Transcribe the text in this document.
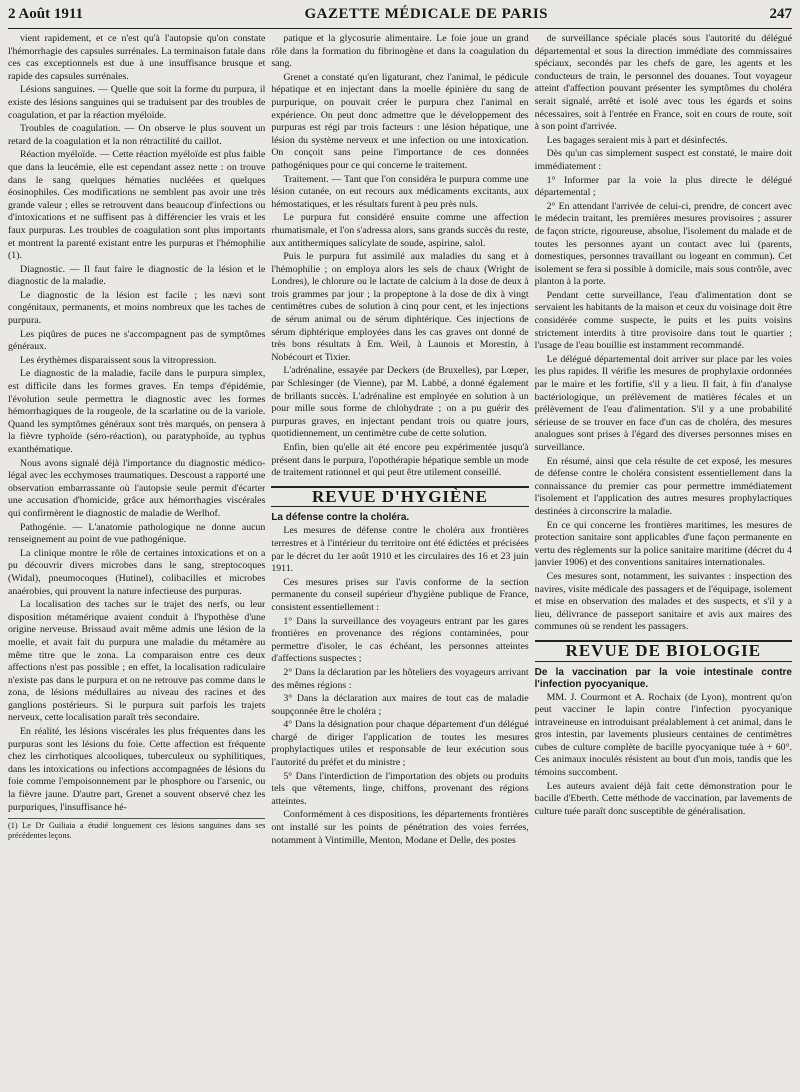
2 Août 1911	GAZETTE MÉDICALE DE PARIS	247

vient rapidement, et ce n'est qu'à l'autopsie qu'on constate l'hémorrhagie des capsules surrénales. La terminaison fatale dans ces cas exceptionnels est due à une insuffisance brusque et rapide des capsules surrénales.

Lésions sanguines. — Quelle que soit la forme du purpura, il existe des lésions sanguines qui se traduisent par des troubles de coagulation, et par la réaction myéloïde.

Troubles de coagulation. — On observe le plus souvent un retard de la coagulation et la non rétractilité du caillot.

Réaction myéloïde. — Cette réaction myéloïde est plus faible que dans la leucémie, elle est cependant assez nette : on trouve dans le sang quelques hématies nucléées et quelques éosinophiles. Ces modifications ne semblent pas avoir une très grande valeur ; elles se retrouvent dans beaucoup d'infections ou d'intoxications et ne suffisent pas à différencier les vrais et les faux purpuras. Les troubles de coagulation sont plus importants et montrent la parenté existant entre les purpuras et l'hémophilie (1).

Diagnostic. — Il faut faire le diagnostic de la lésion et le diagnostic de la maladie.

Le diagnostic de la lésion est facile ; les nævi sont congénitaux, permanents, et moins nombreux que les taches de purpura.

Les piqûres de puces ne s'accompagnent pas de symptômes généraux.

Les érythèmes disparaissent sous la vitropression.

Le diagnostic de la maladie, facile dans le purpura simplex, est difficile dans les formes graves. En temps d'épidémie, l'évolution seule permettra le diagnostic avec les formes hémorrhagiques de la rougeole, de la scarlatine ou de la variole. Quand les symptômes généraux sont très marqués, on pensera à la fièvre typhoïde (séro-réaction), ou paratyphoïde, au typhus exanthématique.

Nous avons signalé déjà l'importance du diagnostic médico-légal avec les ecchymoses traumatiques. Descoust a rapporté une observation embarrassante où l'autopsie seule permit d'écarter une accusation d'homicide, grâce aux hémorrhagies viscérales qui confirmèrent le diagnostic de maladie de Werlhof.

Pathogénie. — L'anatomie pathologique ne donne aucun renseignement au point de vue pathogénique.

La clinique montre le rôle de certaines intoxications et on a pu découvrir divers microbes dans le sang, streptocoques (Widal), pneumocoques (Hutinel), colibacilles et microbes anaérobies, qui prouvent la nature infectieuse des purpuras.

La localisation des taches sur le trajet des nerfs, ou leur disposition métamérique avaient conduit à l'hypothèse d'une origine nerveuse. Brissaud avait même admis une lésion de la moelle, et avait fait du purpura une maladie du métamère au même titre que le zona. La comparaison entre ces deux affections n'est pas possible ; en effet, la localisation radiculaire n'existe pas dans le purpura et on ne retrouve pas comme dans le zona, de lésions médullaires au niveau des racines et des ganglions postérieurs. Si le purpura suit parfois les trajets nerveux, cette localisation paraît très secondaire.

En réalité, les lésions viscérales les plus fréquentes dans les purpuras sont les lésions du foie. Cette affection est fréquente chez les cirrhotiques alcooliques, tuberculeux ou syphilitiques, dans les intoxications ou infections accompagnées de lésions du foie comme l'empoisonnement par le phosphore ou l'arsenic, ou la fièvre jaune. D'autre part, Grenet a souvent observé chez les purpuriques, l'insuffisance hé-

(1) Le Dr Guiliaia a étudié longuement ces lésions sanguines dans ses précédentes leçons.

patique et la glycosurie alimentaire. Le foie joue un grand rôle dans la formation du fibrinogène et dans la coagulation du sang.

Grenet a constaté qu'en ligaturant, chez l'animal, le pédicule hépatique et en injectant dans la moelle épinière du sang de purpurique, on pouvait créer le purpura chez l'animal en expérience. On peut donc admettre que le développement des purpuras est régi par trois facteurs : une lésion hépatique, une lésion du système nerveux et une infection ou une intoxication. On conçoit sans peine l'importance de ces données pathogéniques pour ce qui concerne le traitement.

Traitement. — Tant que l'on considéra le purpura comme une lésion cutanée, on eut recours aux médicaments excitants, aux hémostatiques, et les résultats furent à peu près nuls.

Le purpura fut considéré ensuite comme une affection rhumatismale, et l'on s'adressa alors, sans grands succès du reste, aux antithermiques salicylate de soude, aspirine, salol.

Puis le purpura fut assimilé aux maladies du sang et à l'hémophilie ; on employa alors les sels de chaux (Wright de Londres), le chlorure ou le lactate de calcium à la dose de deux à trois grammes par jour ; la propeptone à la dose de dix à vingt centimètres cubes de solution à cinq pour cent, et les injections de sérum animal ou de sérum diphtérique. Ces injections de sérum diphtérique employées dans les cas graves ont donné de très bons résultats à Em. Weil, à Launois et Morestin, à Nobécourt et Tixier.

L'adrénaline, essayée par Deckers (de Bruxelles), par Lœper, par Schlesinger (de Vienne), par M. Labbé, a donné également de brillants succès. L'adrénaline est employée en solution à un pour mille sous forme de chlohydrate ; on a pu guérir des purpuras graves, en injectant pendant trois ou quatre jours, quotidiennement, un centimètre cube de cette solution.

Enfin, bien qu'elle ait été encore peu expérimentée jusqu'à présent dans le purpura, l'opothérapie hépatique semble un mode de traitement rationnel et qui peut être utilement conseillé.

REVUE D'HYGIÈNE

La défense contre la choléra.

Les mesures de défense contre le choléra aux frontières terrestres et à l'intérieur du territoire ont été édictées et précisées par le décret du 1er août 1910 et les circulaires des 16 et 23 juin 1911.

Ces mesures prises sur l'avis conforme de la section permanente du conseil supérieur d'hygiène publique de France, consistent essentiellement :

1° Dans la surveillance des voyageurs entrant par les gares frontières en provenance des régions contaminées, pour permettre d'isoler, le cas échéant, les personnes atteintes d'affections suspectes ;

2° Dans la déclaration par les hôteliers des voyageurs arrivant des mêmes régions :

3° Dans la déclaration aux maires de tout cas de maladie soupçonnée être le choléra ;

4° Dans la désignation pour chaque département d'un délégué chargé de diriger l'application de toutes les mesures prophylactiques utiles et responsable de leur exécution sous l'autorité du préfet et du ministre ;

5° Dans l'interdiction de l'importation des objets ou produits tels que vêtements, linge, chiffons, provenant des régions atteintes.

Conformément à ces dispositions, les départements frontières ont installé sur les points de pénétration des voies ferrées, notamment à Vintimille, Menton, Modane et Delle, des postes

de surveillance spéciale placés sous l'autorité du délégué départemental et sous la direction immédiate des commissaires spéciaux, secondés par les chefs de gare, les agents et les conducteurs de train, le personnel des douanes. Tout voyageur atteint d'affection pouvant présenter les symptômes du choléra serait signalé, arrêté et isolé avec tous les égards et soins nécessaires, soit à l'entrée en France, soit en cours de route, soit à son point d'arrivée.

Les bagages seraient mis à part et désinfectés.

Dès qu'un cas simplement suspect est constaté, le maire doit immédiatement :

1° Informer par la voie la plus directe le délégué départemental ;

2° En attendant l'arrivée de celui-ci, prendre, de concert avec le médecin traitant, les premières mesures provisoires ; assurer de façon stricte, rigoureuse, absolue, l'isolement du malade et de toutes les personnes ayant un contact avec lui (parents, domestiques, personnes travaillant ou logeant en commun). Cet isolement se fera si possible à domicile, mais sous contrôle, avec planton à la porte.

Pendant cette surveillance, l'eau d'alimentation dont se servaient les habitants de la maison et ceux du voisinage doit être considérée comme suspecte, le puits et les puits voisins strictement interdits à titre provisoire dans tout le quartier ; l'usage de l'eau bouillie est instamment recommandé.

Le délégué départemental doit arriver sur place par les voies les plus rapides. Il vérifie les mesures de prophylaxie ordonnées par le maire et les fortifie, s'il y a lieu. Il fait, à fin d'analyse bactériologique, un prélèvement de matières fécales et un prélèvement de l'eau d'alimentation. S'il y a une probabilité sérieuse de se trouver en face d'un cas de choléra, des mesures analogues sont prises à l'égard des diverses personnes mises en surveillance.

En résumé, ainsi que cela résulte de cet exposé, les mesures de défense contre le choléra consistent essentiellement dans la connaissance du premier cas pour permettre immédiatement l'isolement et l'application des autres mesures prophylactiques destinées à circonscrire la maladie.

En ce qui concerne les frontières maritimes, les mesures de protection sanitaire sont applicables d'une façon permanente en vertu des règlements sur la police sanitaire maritime (décret du 4 janvier 1906) et des conventions sanitaires internationales.

Ces mesures sont, notamment, les suivantes : inspection des navires, visite médicale des passagers et de l'équipage, isolement et mise en observation des malades et des suspects, et s'il y a lieu, délivrance de passeport sanitaire et avis aux maires des communes où se rendent les passagers.

REVUE DE BIOLOGIE

De la vaccination par la voie intestinale contre l'infection pyocyanique.

MM. J. Courmont et A. Rochaix (de Lyon), montrent qu'on peut vacciner le lapin contre l'infection pyocyanique intraveineuse en introduisant préalablement à cet animal, dans le gros intestin, par lavements plusieurs centaines de centimètres cubes de culture complète de bacille pyocyanique tuée à + 60°. Ces animaux inoculés résistent au bout d'un mois, tandis que les témoins succombent.

Les auteurs avaient déjà fait cette démonstration pour le bacille d'Eberth. Cette méthode de vaccination, par lavements de culture tuée paraît donc susceptible de généralisation.
